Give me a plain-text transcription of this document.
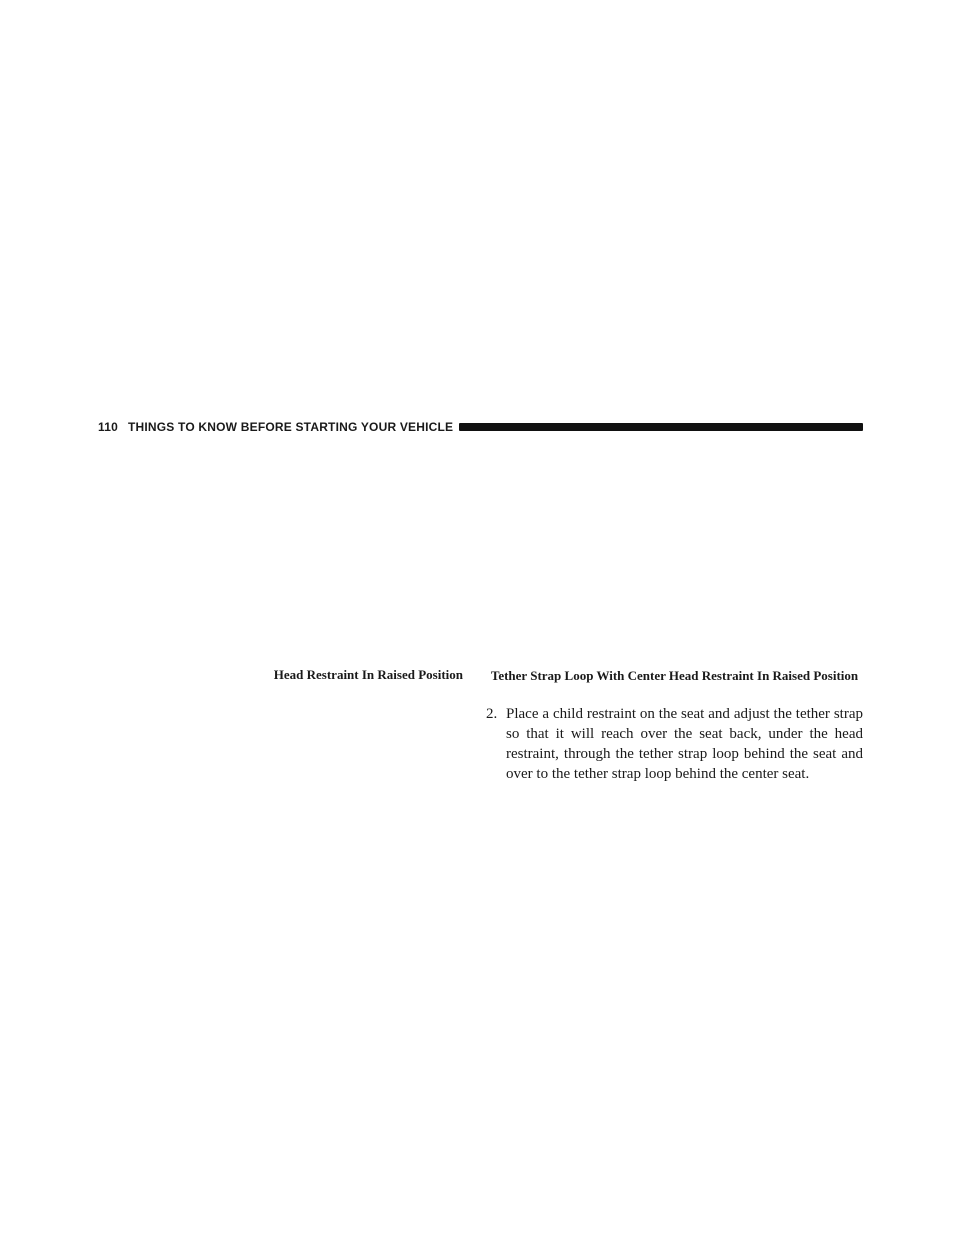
110 THINGS TO KNOW BEFORE STARTING YOUR VEHICLE
Head Restraint In Raised Position	Tether Strap Loop With Center Head Restraint In Raised Position
2. Place a child restraint on the seat and adjust the tether strap so that it will reach over the seat back, under the head restraint, through the tether strap loop behind the seat and over to the tether strap loop behind the center seat.
